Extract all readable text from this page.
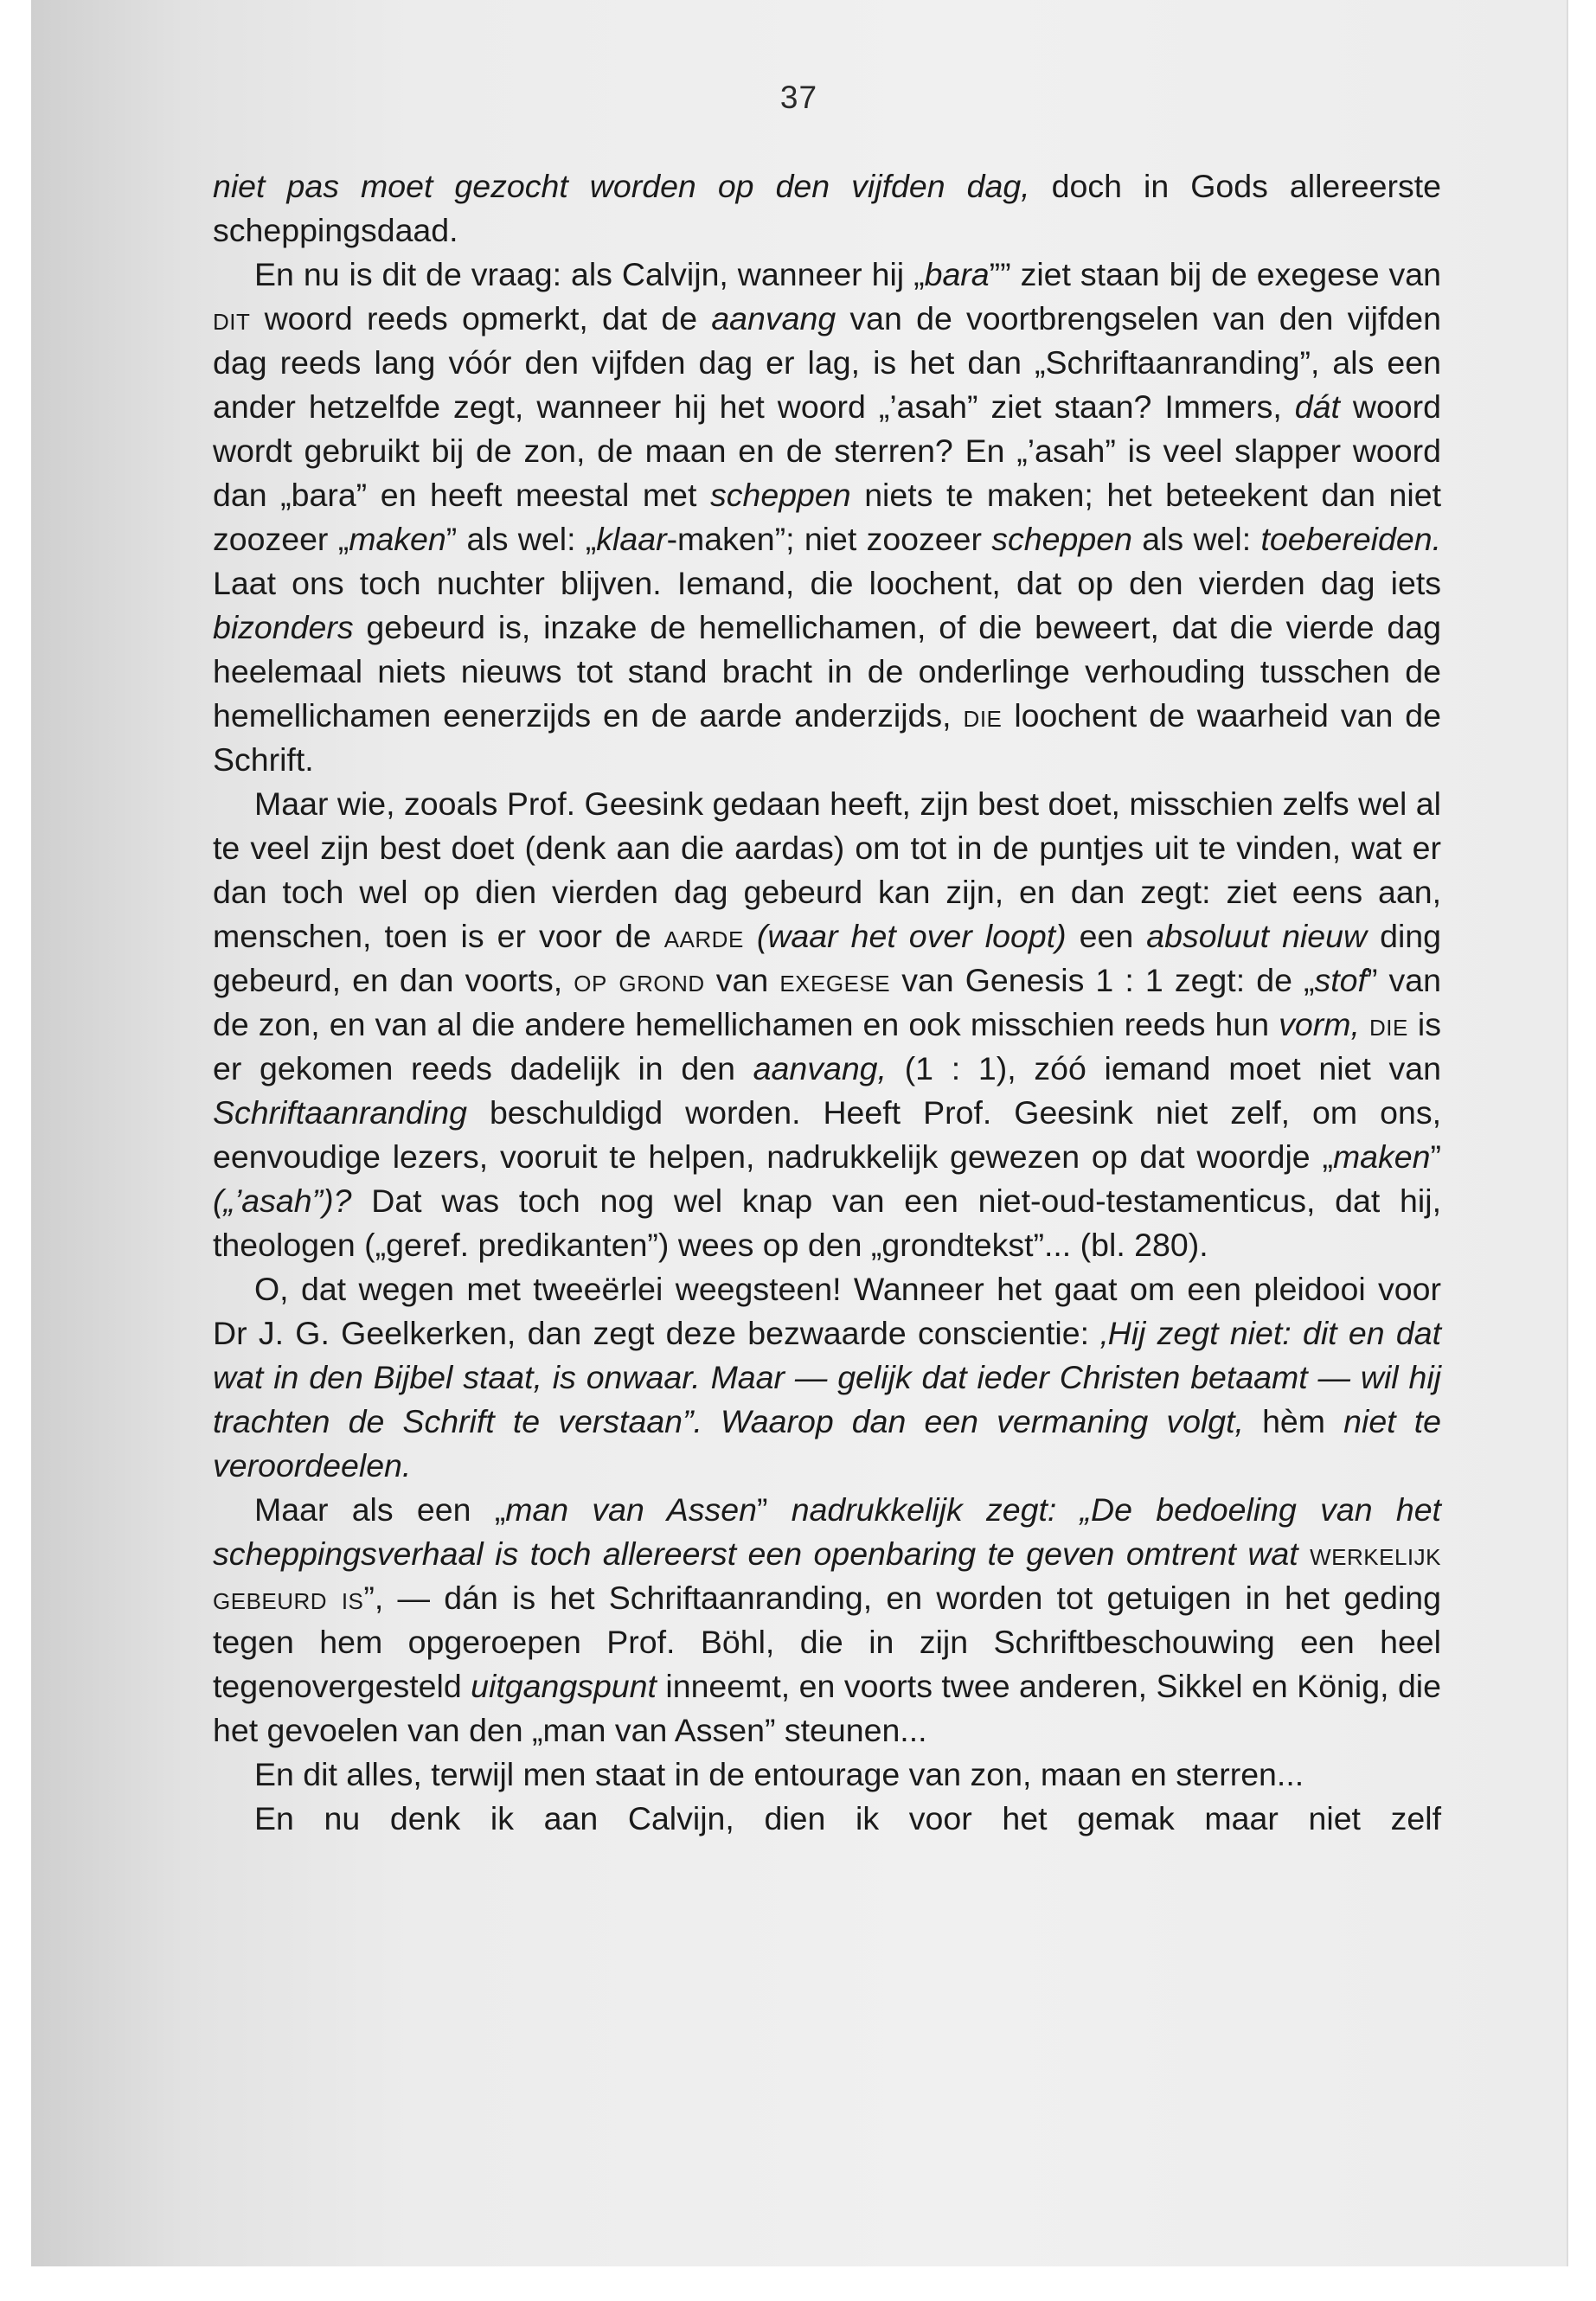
37

niet pas moet gezocht worden op den vijfden dag, doch in Gods allereerste scheppingsdaad.

En nu is dit de vraag: als Calvijn, wanneer hij „bara”” ziet staan bij de exegese van dit woord reeds opmerkt, dat de aanvang van de voortbrengselen van den vijfden dag reeds lang vóór den vijfden dag er lag, is het dan „Schriftaanranding”, als een ander hetzelfde zegt, wanneer hij het woord „’asah” ziet staan? Immers, dát woord wordt gebruikt bij de zon, de maan en de sterren? En „’asah” is veel slapper woord dan „bara” en heeft meestal met scheppen niets te maken; het beteekent dan niet zoozeer „maken” als wel: „klaar-maken”; niet zoozeer scheppen als wel: toebereiden. Laat ons toch nuchter blijven. Iemand, die loochent, dat op den vierden dag iets bizonders gebeurd is, inzake de hemellichamen, of die beweert, dat die vierde dag heelemaal niets nieuws tot stand bracht in de onderlinge verhouding tusschen de hemellichamen eenerzijds en de aarde anderzijds, die loochent de waarheid van de Schrift.

Maar wie, zooals Prof. Geesink gedaan heeft, zijn best doet, misschien zelfs wel al te veel zijn best doet (denk aan die aardas) om tot in de puntjes uit te vinden, wat er dan toch wel op dien vierden dag gebeurd kan zijn, en dan zegt: ziet eens aan, menschen, toen is er voor de aarde (waar het over loopt) een absoluut nieuw ding gebeurd, en dan voorts, op grond van exegese van Genesis 1 : 1 zegt: de „stof” van de zon, en van al die andere hemellichamen en ook misschien reeds hun vorm, die is er gekomen reeds dadelijk in den aanvang, (1 : 1), zóó iemand moet niet van Schriftaanranding beschuldigd worden. Heeft Prof. Geesink niet zelf, om ons, eenvoudige lezers, vooruit te helpen, nadrukkelijk gewezen op dat woordje „maken” („’asah”)? Dat was toch nog wel knap van een niet-oud-testamenticus, dat hij, theologen („geref. predikanten”) wees op den „grondtekst”... (bl. 280).

O, dat wegen met tweeërlei weegsteen! Wanneer het gaat om een pleidooi voor Dr J. G. Geelkerken, dan zegt deze bezwaarde conscientie: ‚Hij zegt niet: dit en dat wat in den Bijbel staat, is onwaar. Maar — gelijk dat ieder Christen betaamt — wil hij trachten de Schrift te verstaan”. Waarop dan een vermaning volgt, hèm niet te veroordeelen.

Maar als een „man van Assen” nadrukkelijk zegt: „De bedoeling van het scheppingsverhaal is toch allereerst een openbaring te geven omtrent wat werkelijk gebeurd is”, — dán is het Schriftaanranding, en worden tot getuigen in het geding tegen hem opgeroepen Prof. Böhl, die in zijn Schriftbeschouwing een heel tegenovergesteld uitgangspunt inneemt, en voorts twee anderen, Sikkel en König, die het gevoelen van den „man van Assen” steunen...

En dit alles, terwijl men staat in de entourage van zon, maan en sterren...

En nu denk ik aan Calvijn, dien ik voor het gemak maar niet zelf
